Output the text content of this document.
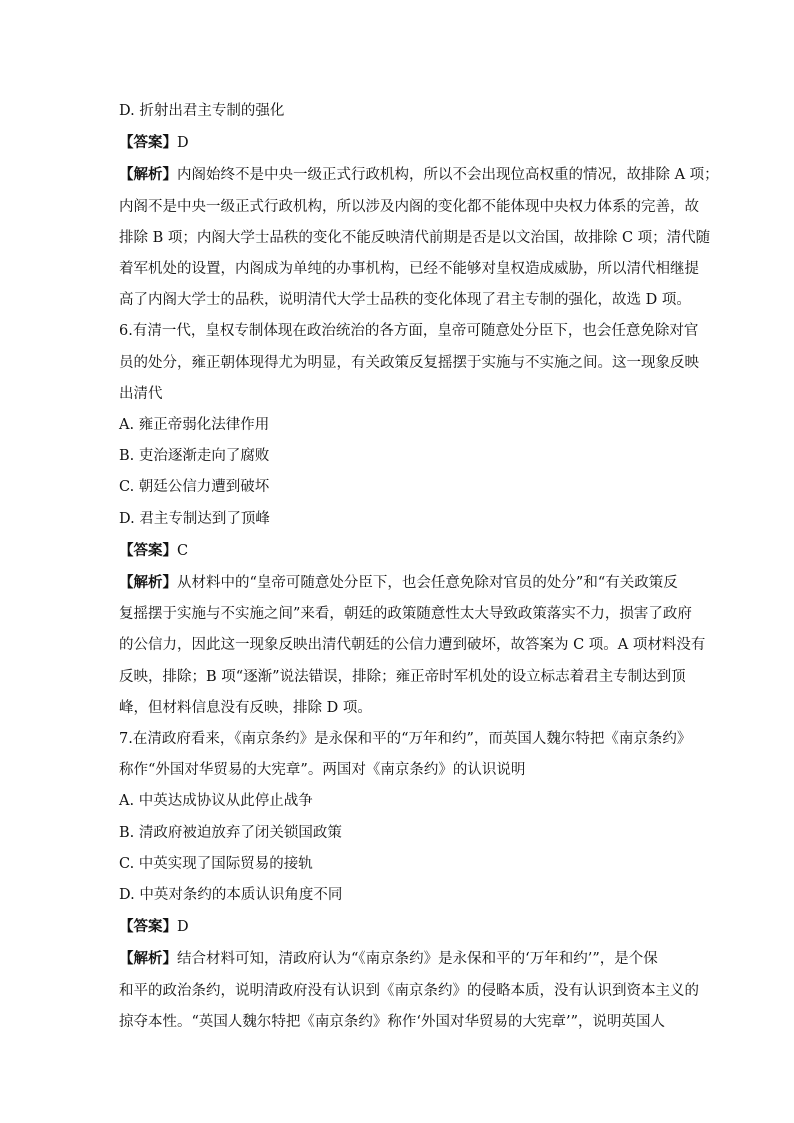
D. 折射出君主专制的强化

【答案】D

【解析】内阁始终不是中央一级正式行政机构，所以不会出现位高权重的情况，故排除 A 项；

内阁不是中央一级正式行政机构，所以涉及内阁的变化都不能体现中央权力体系的完善，故

排除 B 项；内阁大学士品秩的变化不能反映清代前期是否是以文治国，故排除 C 项；清代随

着军机处的设置，内阁成为单纯的办事机构，已经不能够对皇权造成威胁，所以清代相继提

高了内阁大学士的品秩，说明清代大学士品秩的变化体现了君主专制的强化，故选 D 项。

6.有清一代，皇权专制体现在政治统治的各方面，皇帝可随意处分臣下，也会任意免除对官

员的处分，雍正朝体现得尤为明显，有关政策反复摇摆于实施与不实施之间。这一现象反映

出清代

A. 雍正帝弱化法律作用

B. 吏治逐渐走向了腐败

C. 朝廷公信力遭到破坏

D. 君主专制达到了顶峰

【答案】C

【解析】从材料中的“皇帝可随意处分臣下，也会任意免除对官员的处分”和“有关政策反

复摇摆于实施与不实施之间”来看，朝廷的政策随意性太大导致政策落实不力，损害了政府

的公信力，因此这一现象反映出清代朝廷的公信力遭到破坏，故答案为 C 项。A 项材料没有

反映，排除；B 项“逐渐”说法错误，排除；雍正帝时军机处的设立标志着君主专制达到顶

峰，但材料信息没有反映，排除 D 项。

7.在清政府看来，《南京条约》是永保和平的“万年和约”，而英国人魏尔特把《南京条约》

称作“外国对华贸易的大宪章”。两国对《南京条约》的认识说明

A. 中英达成协议从此停止战争

B. 清政府被迫放弃了闭关锁国政策

C. 中英实现了国际贸易的接轨

D. 中英对条约的本质认识角度不同

【答案】D

【解析】结合材料可知，清政府认为“《南京条约》是永保和平的‘万年和约’”，是个保

和平的政治条约，说明清政府没有认识到《南京条约》的侵略本质，没有认识到资本主义的

掠夺本性。“英国人魏尔特把《南京条约》称作‘外国对华贸易的大宪章’”，说明英国人
